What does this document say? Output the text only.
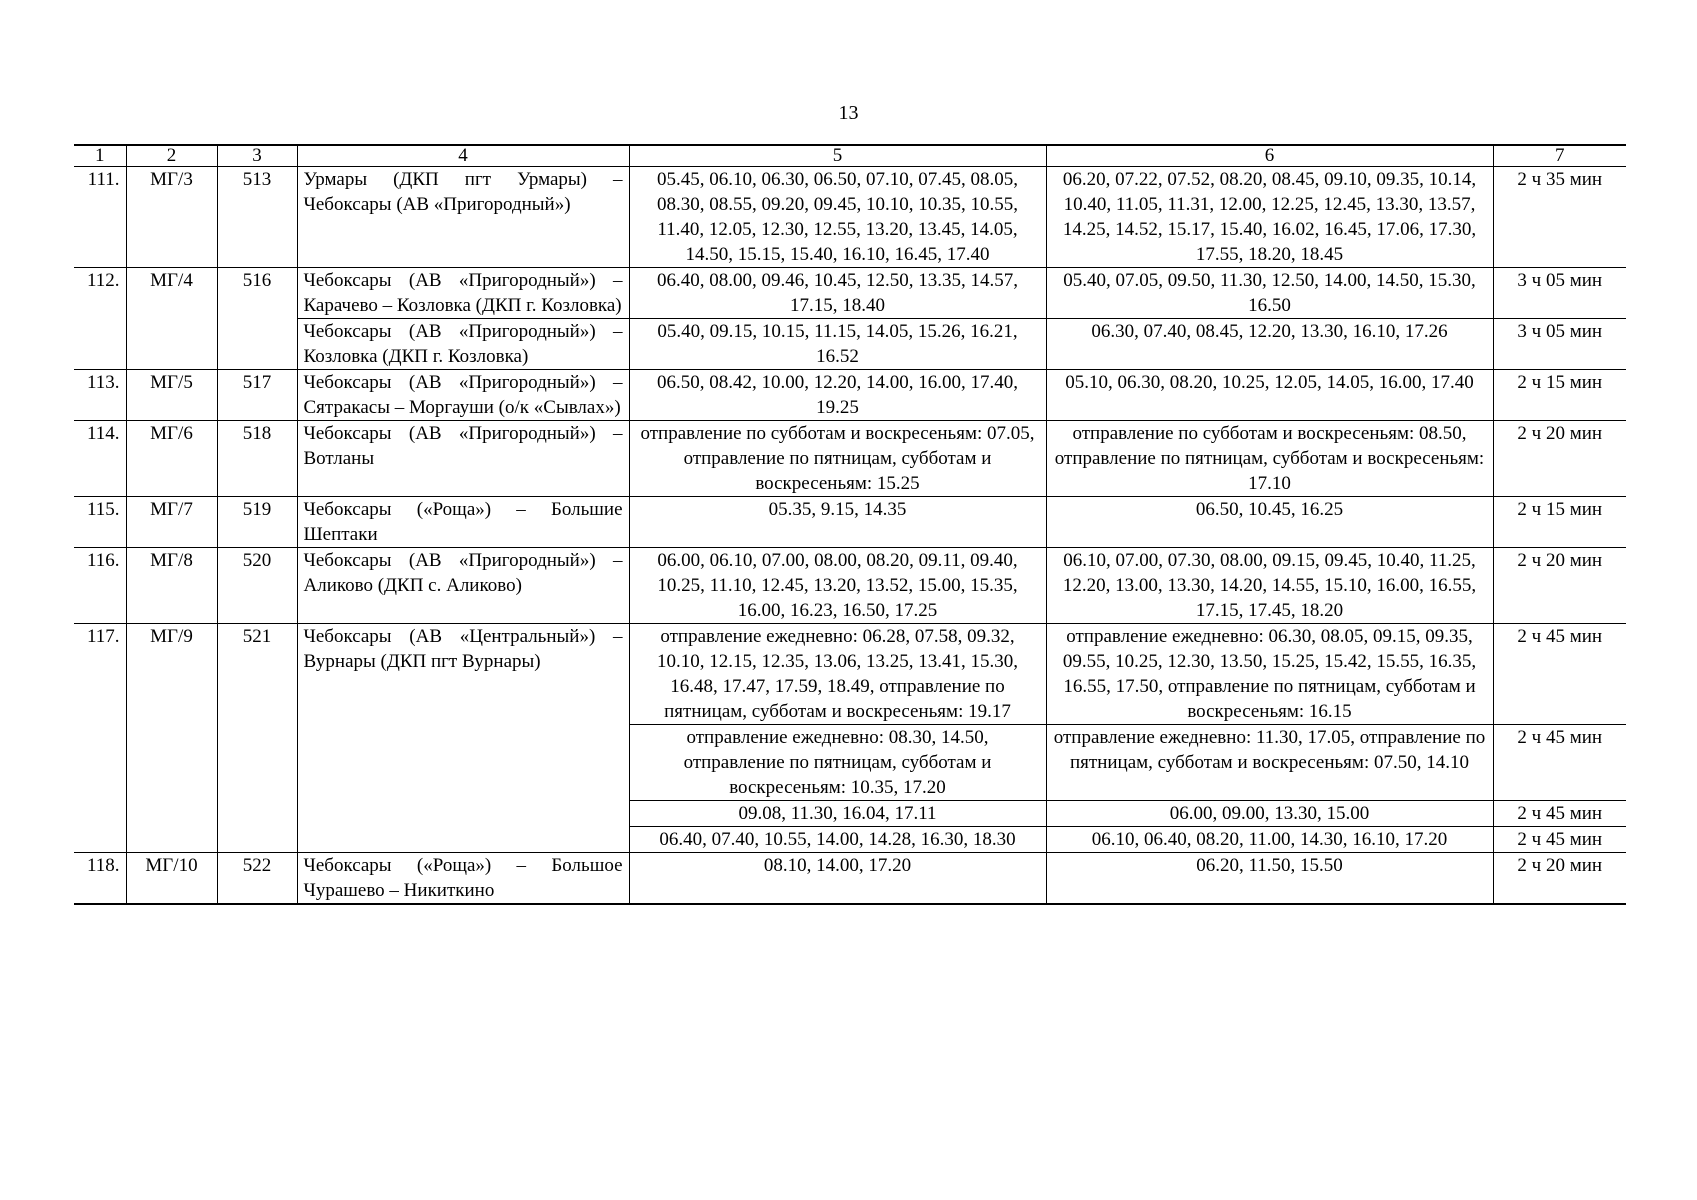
13
1	2	3	4	5	6	7
111.	МГ/3	513	Урмары (ДКП пгт Урмары) – Чебоксары (АВ «Пригородный»)	05.45, 06.10, 06.30, 06.50, 07.10, 07.45, 08.05, 08.30, 08.55, 09.20, 09.45, 10.10, 10.35, 10.55, 11.40, 12.05, 12.30, 12.55, 13.20, 13.45, 14.05, 14.50, 15.15, 15.40, 16.10, 16.45, 17.40	06.20, 07.22, 07.52, 08.20, 08.45, 09.10, 09.35, 10.14, 10.40, 11.05, 11.31, 12.00, 12.25, 12.45, 13.30, 13.57, 14.25, 14.52, 15.17, 15.40, 16.02, 16.45, 17.06, 17.30, 17.55, 18.20, 18.45	2 ч 35 мин
112.	МГ/4	516	Чебоксары (АВ «Пригородный») – Карачево – Козловка (ДКП г. Козловка)	06.40, 08.00, 09.46, 10.45, 12.50, 13.35, 14.57, 17.15, 18.40	05.40, 07.05, 09.50, 11.30, 12.50, 14.00, 14.50, 15.30, 16.50	3 ч 05 мин
			Чебоксары (АВ «Пригородный») – Козловка (ДКП г. Козловка)	05.40, 09.15, 10.15, 11.15, 14.05, 15.26, 16.21, 16.52	06.30, 07.40, 08.45, 12.20, 13.30, 16.10, 17.26	3 ч 05 мин
113.	МГ/5	517	Чебоксары (АВ «Пригородный») – Сятракасы – Моргауши (о/к «Сывлах»)	06.50, 08.42, 10.00, 12.20, 14.00, 16.00, 17.40, 19.25	05.10, 06.30, 08.20, 10.25, 12.05, 14.05, 16.00, 17.40	2 ч 15 мин
114.	МГ/6	518	Чебоксары (АВ «Пригородный») – Вотланы	отправление по субботам и воскресеньям: 07.05, отправление по пятницам, субботам и воскресеньям: 15.25	отправление по субботам и воскресеньям: 08.50, отправление по пятницам, субботам и воскресеньям: 17.10	2 ч 20 мин
115.	МГ/7	519	Чебоксары («Роща») – Большие Шептаки	05.35, 9.15, 14.35	06.50, 10.45, 16.25	2 ч 15 мин
116.	МГ/8	520	Чебоксары (АВ «Пригородный») – Аликово (ДКП с. Аликово)	06.00, 06.10, 07.00, 08.00, 08.20, 09.11, 09.40, 10.25, 11.10, 12.45, 13.20, 13.52, 15.00, 15.35, 16.00, 16.23, 16.50, 17.25	06.10, 07.00, 07.30, 08.00, 09.15, 09.45, 10.40, 11.25, 12.20, 13.00, 13.30, 14.20, 14.55, 15.10, 16.00, 16.55, 17.15, 17.45, 18.20	2 ч 20 мин
117.	МГ/9	521	Чебоксары (АВ «Центральный») – Вурнары (ДКП пгт Вурнары)	отправление ежедневно: 06.28, 07.58, 09.32, 10.10, 12.15, 12.35, 13.06, 13.25, 13.41, 15.30, 16.48, 17.47, 17.59, 18.49, отправление по пятницам, субботам и воскресеньям: 19.17	отправление ежедневно: 06.30, 08.05, 09.15, 09.35, 09.55, 10.25, 12.30, 13.50, 15.25, 15.42, 15.55, 16.35, 16.55, 17.50, отправление по пятницам, субботам и воскресеньям: 16.15	2 ч 45 мин
				отправление ежедневно: 08.30, 14.50, отправление по пятницам, субботам и воскресеньям: 10.35, 17.20	отправление ежедневно: 11.30, 17.05, отправление по пятницам, субботам и воскресеньям: 07.50, 14.10	2 ч 45 мин
				09.08, 11.30, 16.04, 17.11	06.00, 09.00, 13.30, 15.00	2 ч 45 мин
				06.40, 07.40, 10.55, 14.00, 14.28, 16.30, 18.30	06.10, 06.40, 08.20, 11.00, 14.30, 16.10, 17.20	2 ч 45 мин
118.	МГ/10	522	Чебоксары («Роща») – Большое Чурашево – Никиткино	08.10, 14.00, 17.20	06.20, 11.50, 15.50	2 ч 20 мин
